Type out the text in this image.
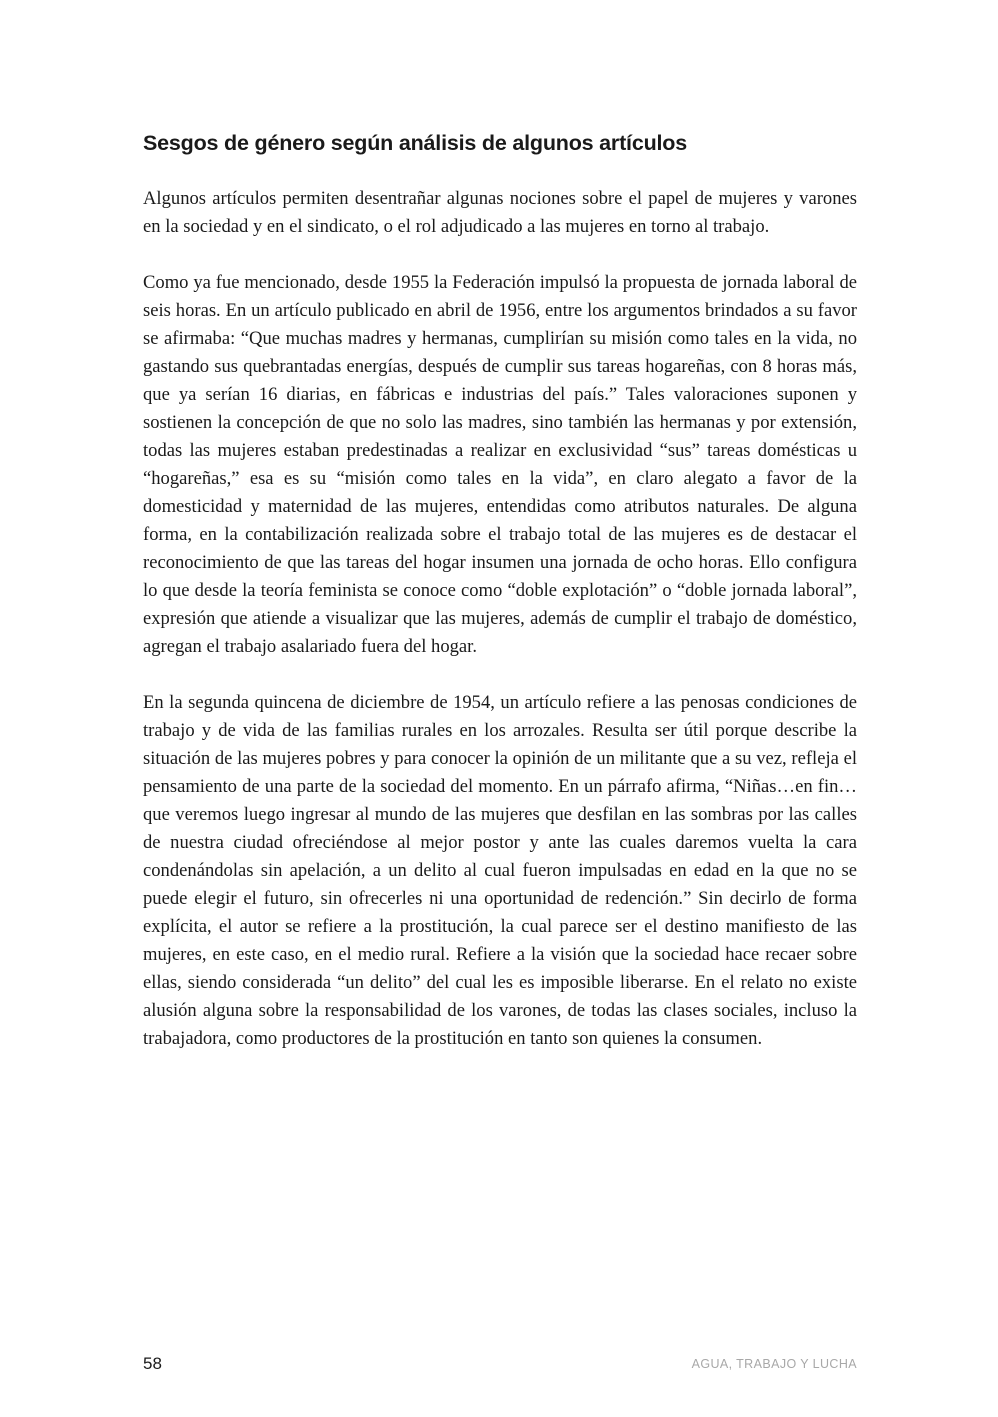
Sesgos de género según análisis de algunos artículos

Algunos artículos permiten desentrañar algunas nociones sobre el papel de mujeres y varones en la sociedad y en el sindicato, o el rol adjudicado a las mujeres en torno al trabajo.

Como ya fue mencionado, desde 1955 la Federación impulsó la propuesta de jornada laboral de seis horas. En un artículo publicado en abril de 1956, entre los argumentos brindados a su favor se afirmaba: “Que muchas madres y hermanas, cumplirían su misión como tales en la vida, no gastando sus quebrantadas energías, después de cumplir sus tareas hogareñas, con 8 horas más, que ya serían 16 diarias, en fábricas e industrias del país.” Tales valoraciones suponen y sostienen la concepción de que no solo las madres, sino también las hermanas y por extensión, todas las mujeres estaban predestinadas a realizar en exclusividad “sus” tareas domésticas u “hogareñas,” esa es su “misión como tales en la vida”, en claro alegato a favor de la domesticidad y maternidad de las mujeres, entendidas como atributos naturales. De alguna forma, en la contabilización realizada sobre el trabajo total de las mujeres es de destacar el reconocimiento de que las tareas del hogar insumen una jornada de ocho horas. Ello configura lo que desde la teoría feminista se conoce como “doble explotación” o “doble jornada laboral”, expresión que atiende a visualizar que las mujeres, además de cumplir el trabajo de doméstico, agregan el trabajo asalariado fuera del hogar.

En la segunda quincena de diciembre de 1954, un artículo refiere a las penosas condiciones de trabajo y de vida de las familias rurales en los arrozales. Resulta ser útil porque describe la situación de las mujeres pobres y para conocer la opinión de un militante que a su vez, refleja el pensamiento de una parte de la sociedad del momento. En un párrafo afirma, “Niñas…en fin…que veremos luego ingresar al mundo de las mujeres que desfilan en las sombras por las calles de nuestra ciudad ofreciéndose al mejor postor y ante las cuales daremos vuelta la cara condenándolas sin apelación, a un delito al cual fueron impulsadas en edad en la que no se puede elegir el futuro, sin ofrecerles ni una oportunidad de redención.” Sin decirlo de forma explícita, el autor se refiere a la prostitución, la cual parece ser el destino manifiesto de las mujeres, en este caso, en el medio rural. Refiere a la visión que la sociedad hace recaer sobre ellas, siendo considerada “un delito” del cual les es imposible liberarse. En el relato no existe alusión alguna sobre la responsabilidad de los varones, de todas las clases sociales, incluso la trabajadora, como productores de la prostitución en tanto son quienes la consumen.

58	AGUA, TRABAJO Y LUCHA
